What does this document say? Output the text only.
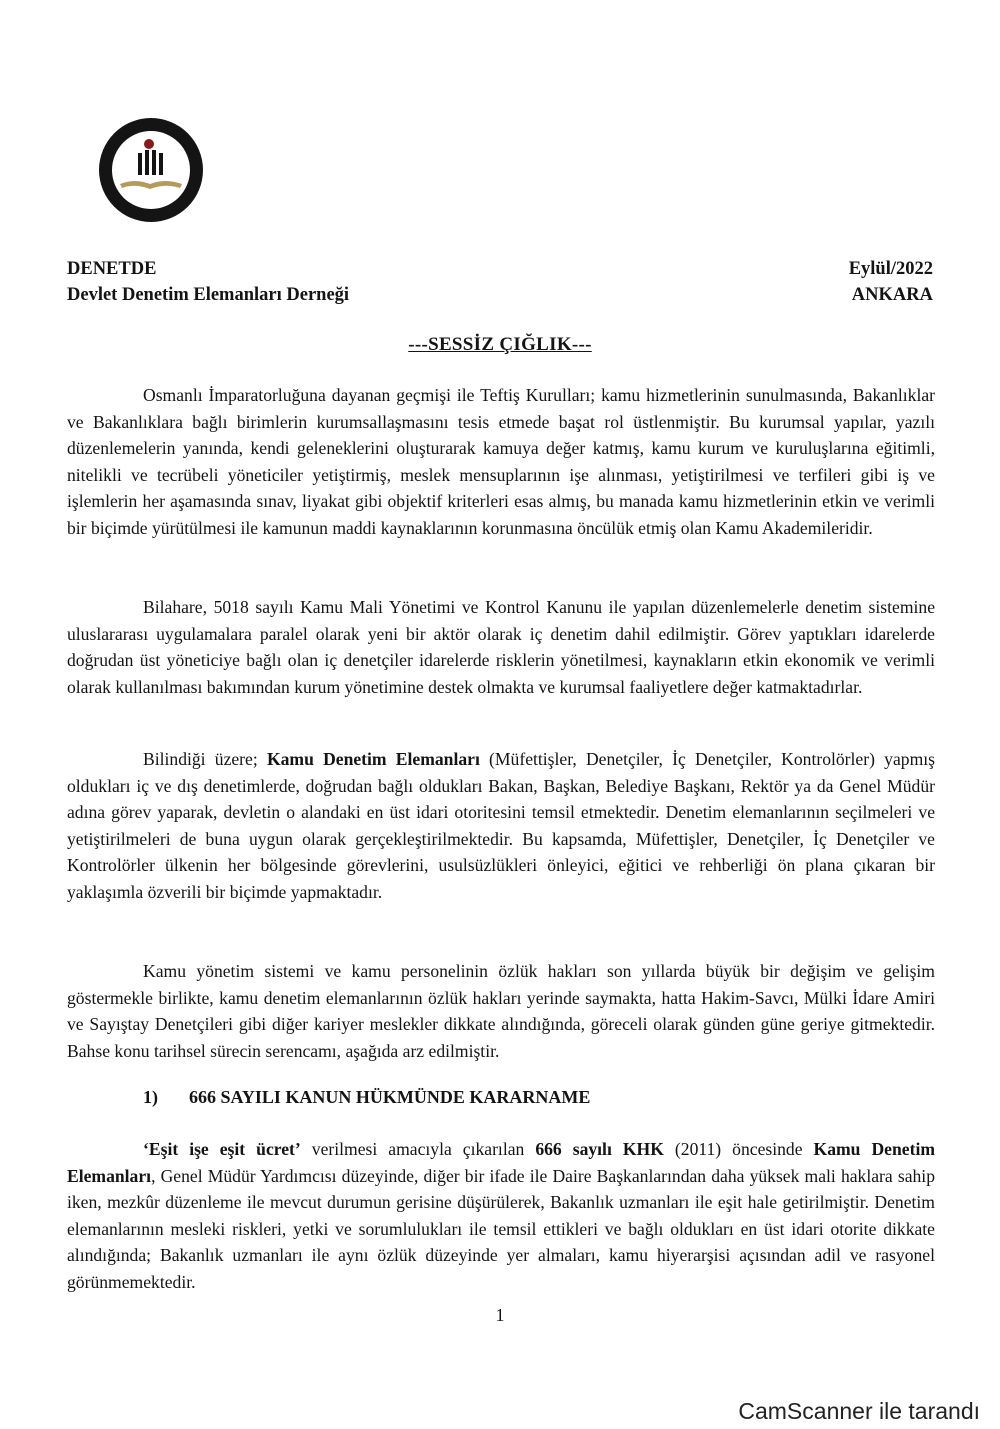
DENETDE
Devlet Denetim Elemanları Derneği
Eylül/2022
ANKARA
---SESSİZ ÇIĞLIK---

Osmanlı İmparatorluğuna dayanan geçmişi ile Teftiş Kurulları; kamu hizmetlerinin sunulmasında, Bakanlıklar ve Bakanlıklara bağlı birimlerin kurumsallaşmasını tesis etmede başat rol üstlenmiştir. Bu kurumsal yapılar, yazılı düzenlemelerin yanında, kendi geleneklerini oluşturarak kamuya değer katmış, kamu kurum ve kuruluşlarına eğitimli, nitelikli ve tecrübeli yöneticiler yetiştirmiş, meslek mensuplarının işe alınması, yetiştirilmesi ve terfileri gibi iş ve işlemlerin her aşamasında sınav, liyakat gibi objektif kriterleri esas almış, bu manada kamu hizmetlerinin etkin ve verimli bir biçimde yürütülmesi ile kamunun maddi kaynaklarının korunmasına öncülük etmiş olan Kamu Akademileridir.

Bilahare, 5018 sayılı Kamu Mali Yönetimi ve Kontrol Kanunu ile yapılan düzenlemelerle denetim sistemine uluslararası uygulamalara paralel olarak yeni bir aktör olarak iç denetim dahil edilmiştir. Görev yaptıkları idarelerde doğrudan üst yöneticiye bağlı olan iç denetçiler idarelerde risklerin yönetilmesi, kaynakların etkin ekonomik ve verimli olarak kullanılması bakımından kurum yönetimine destek olmakta ve kurumsal faaliyetlere değer katmaktadırlar.

Bilindiği üzere; Kamu Denetim Elemanları (Müfettişler, Denetçiler, İç Denetçiler, Kontrolörler) yapmış oldukları iç ve dış denetimlerde, doğrudan bağlı oldukları Bakan, Başkan, Belediye Başkanı, Rektör ya da Genel Müdür adına görev yaparak, devletin o alandaki en üst idari otoritesini temsil etmektedir. Denetim elemanlarının seçilmeleri ve yetiştirilmeleri de buna uygun olarak gerçekleştirilmektedir. Bu kapsamda, Müfettişler, Denetçiler, İç Denetçiler ve Kontrolörler ülkenin her bölgesinde görevlerini, usulsüzlükleri önleyici, eğitici ve rehberliği ön plana çıkaran bir yaklaşımla özverili bir biçimde yapmaktadır.

Kamu yönetim sistemi ve kamu personelinin özlük hakları son yıllarda büyük bir değişim ve gelişim göstermekle birlikte, kamu denetim elemanlarının özlük hakları yerinde saymakta, hatta Hakim-Savcı, Mülki İdare Amiri ve Sayıştay Denetçileri gibi diğer kariyer meslekler dikkate alındığında, göreceli olarak günden güne geriye gitmektedir. Bahse konu tarihsel sürecin serencamı, aşağıda arz edilmiştir.

1) 666 SAYILI KANUN HÜKMÜNDE KARARNAME

‘Eşit işe eşit ücret’ verilmesi amacıyla çıkarılan 666 sayılı KHK (2011) öncesinde Kamu Denetim Elemanları, Genel Müdür Yardımcısı düzeyinde, diğer bir ifade ile Daire Başkanlarından daha yüksek mali haklara sahip iken, mezkûr düzenleme ile mevcut durumun gerisine düşürülerek, Bakanlık uzmanları ile eşit hale getirilmiştir. Denetim elemanlarının mesleki riskleri, yetki ve sorumlulukları ile temsil ettikleri ve bağlı oldukları en üst idari otorite dikkate alındığında; Bakanlık uzmanları ile aynı özlük düzeyinde yer almaları, kamu hiyerarşisi açısından adil ve rasyonel görünmemektedir.

1
CamScanner ile tarandı
